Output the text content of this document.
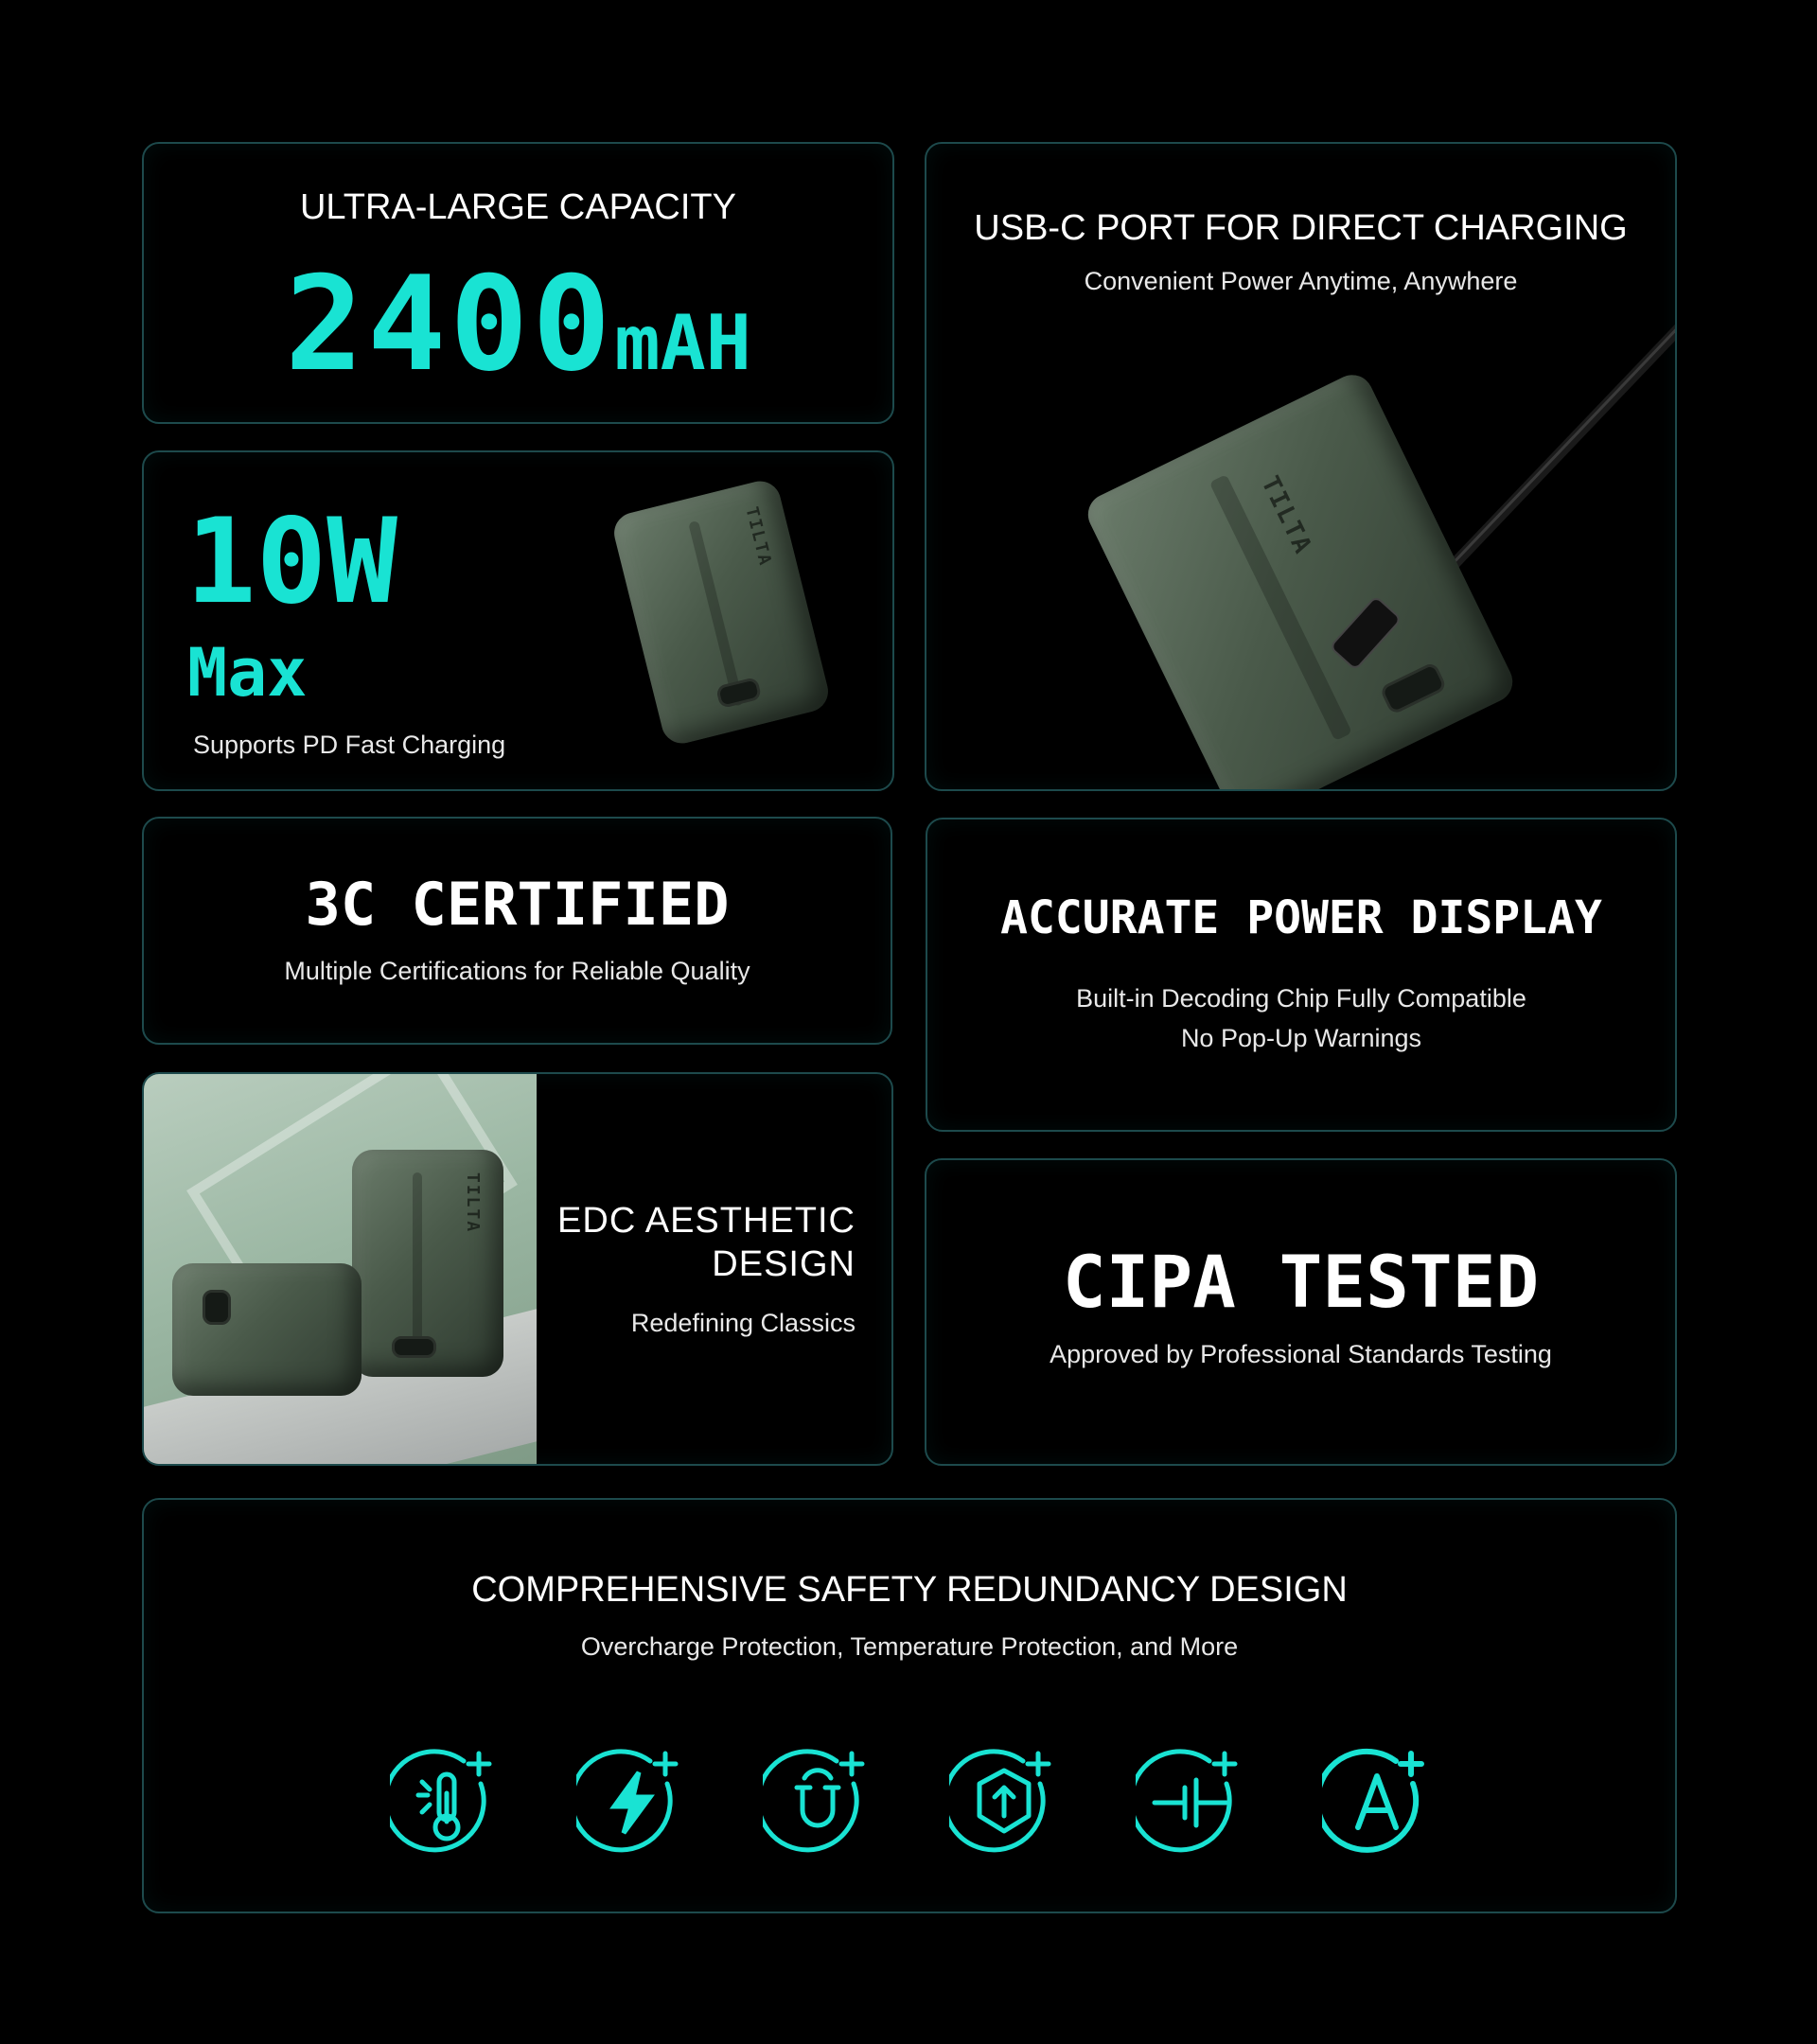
ULTRA-LARGE CAPACITY
2400mAH
USB-C PORT FOR DIRECT CHARGING
Convenient Power Anytime, Anywhere
TILTA
10W
Max
Supports PD Fast Charging
TILTA
3C CERTIFIED
Multiple Certifications for Reliable Quality
ACCURATE POWER DISPLAY
Built-in Decoding Chip Fully Compatible
No Pop-Up Warnings
TILTA EDC AESTHETIC
DESIGN
Redefining Classics	CIPA TESTED
Approved by Professional Standards Testing
COMPREHENSIVE SAFETY REDUNDANCY DESIGN
Overcharge Protection, Temperature Protection, and More
